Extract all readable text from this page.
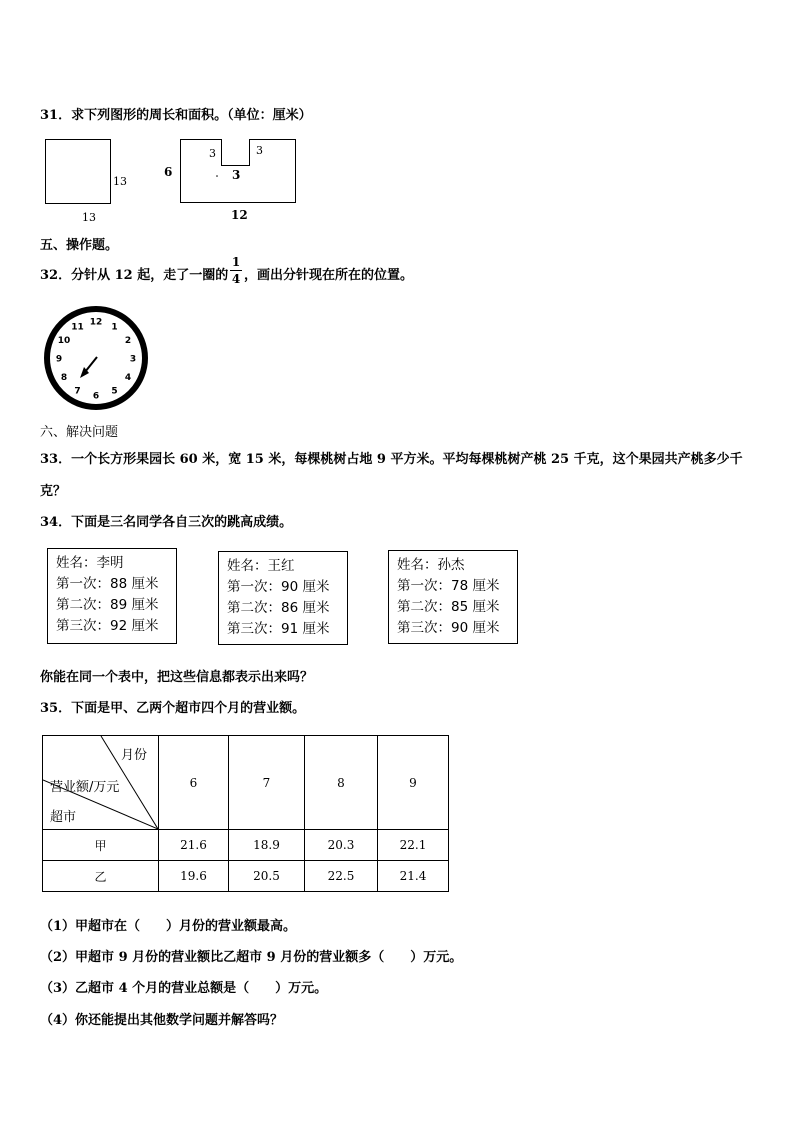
31．求下列图形的周长和面积。（单位：厘米）
13
13
6
3	3
3
12
五、操作题。
32．分针从 12 起，走了一圈的
1
4 ，画出分针现在所在的位置。
12 1
2
3
4
5
6
7
8
9
10
11
六、解决问题
33．一个长方形果园长 60 米，宽 15 米，每棵桃树占地 9 平方米。平均每棵桃树产桃 25 千克，这个果园共产桃多少千
克？
34．下面是三名同学各自三次的跳高成绩。
姓名：李明
第一次：88 厘米
第二次：89 厘米
第三次：92 厘米
姓名：王红
第一次：90 厘米
第二次：86 厘米
第三次：91 厘米
姓名：孙杰
第一次：78 厘米
第二次：85 厘米
第三次：90 厘米
你能在同一个表中，把这些信息都表示出来吗？
35．下面是甲、乙两个超市四个月的营业额。
月份
营业额/万元
超市	6	7	8	9
甲	21.6	18.9	20.3	22.1
乙	19.6	20.5	22.5	21.4
（1）甲超市在（　　）月份的营业额最高。
（2）甲超市 9 月份的营业额比乙超市 9 月份的营业额多（　　）万元。
（3）乙超市 4 个月的营业总额是（　　）万元。
（4）你还能提出其他数学问题并解答吗？
